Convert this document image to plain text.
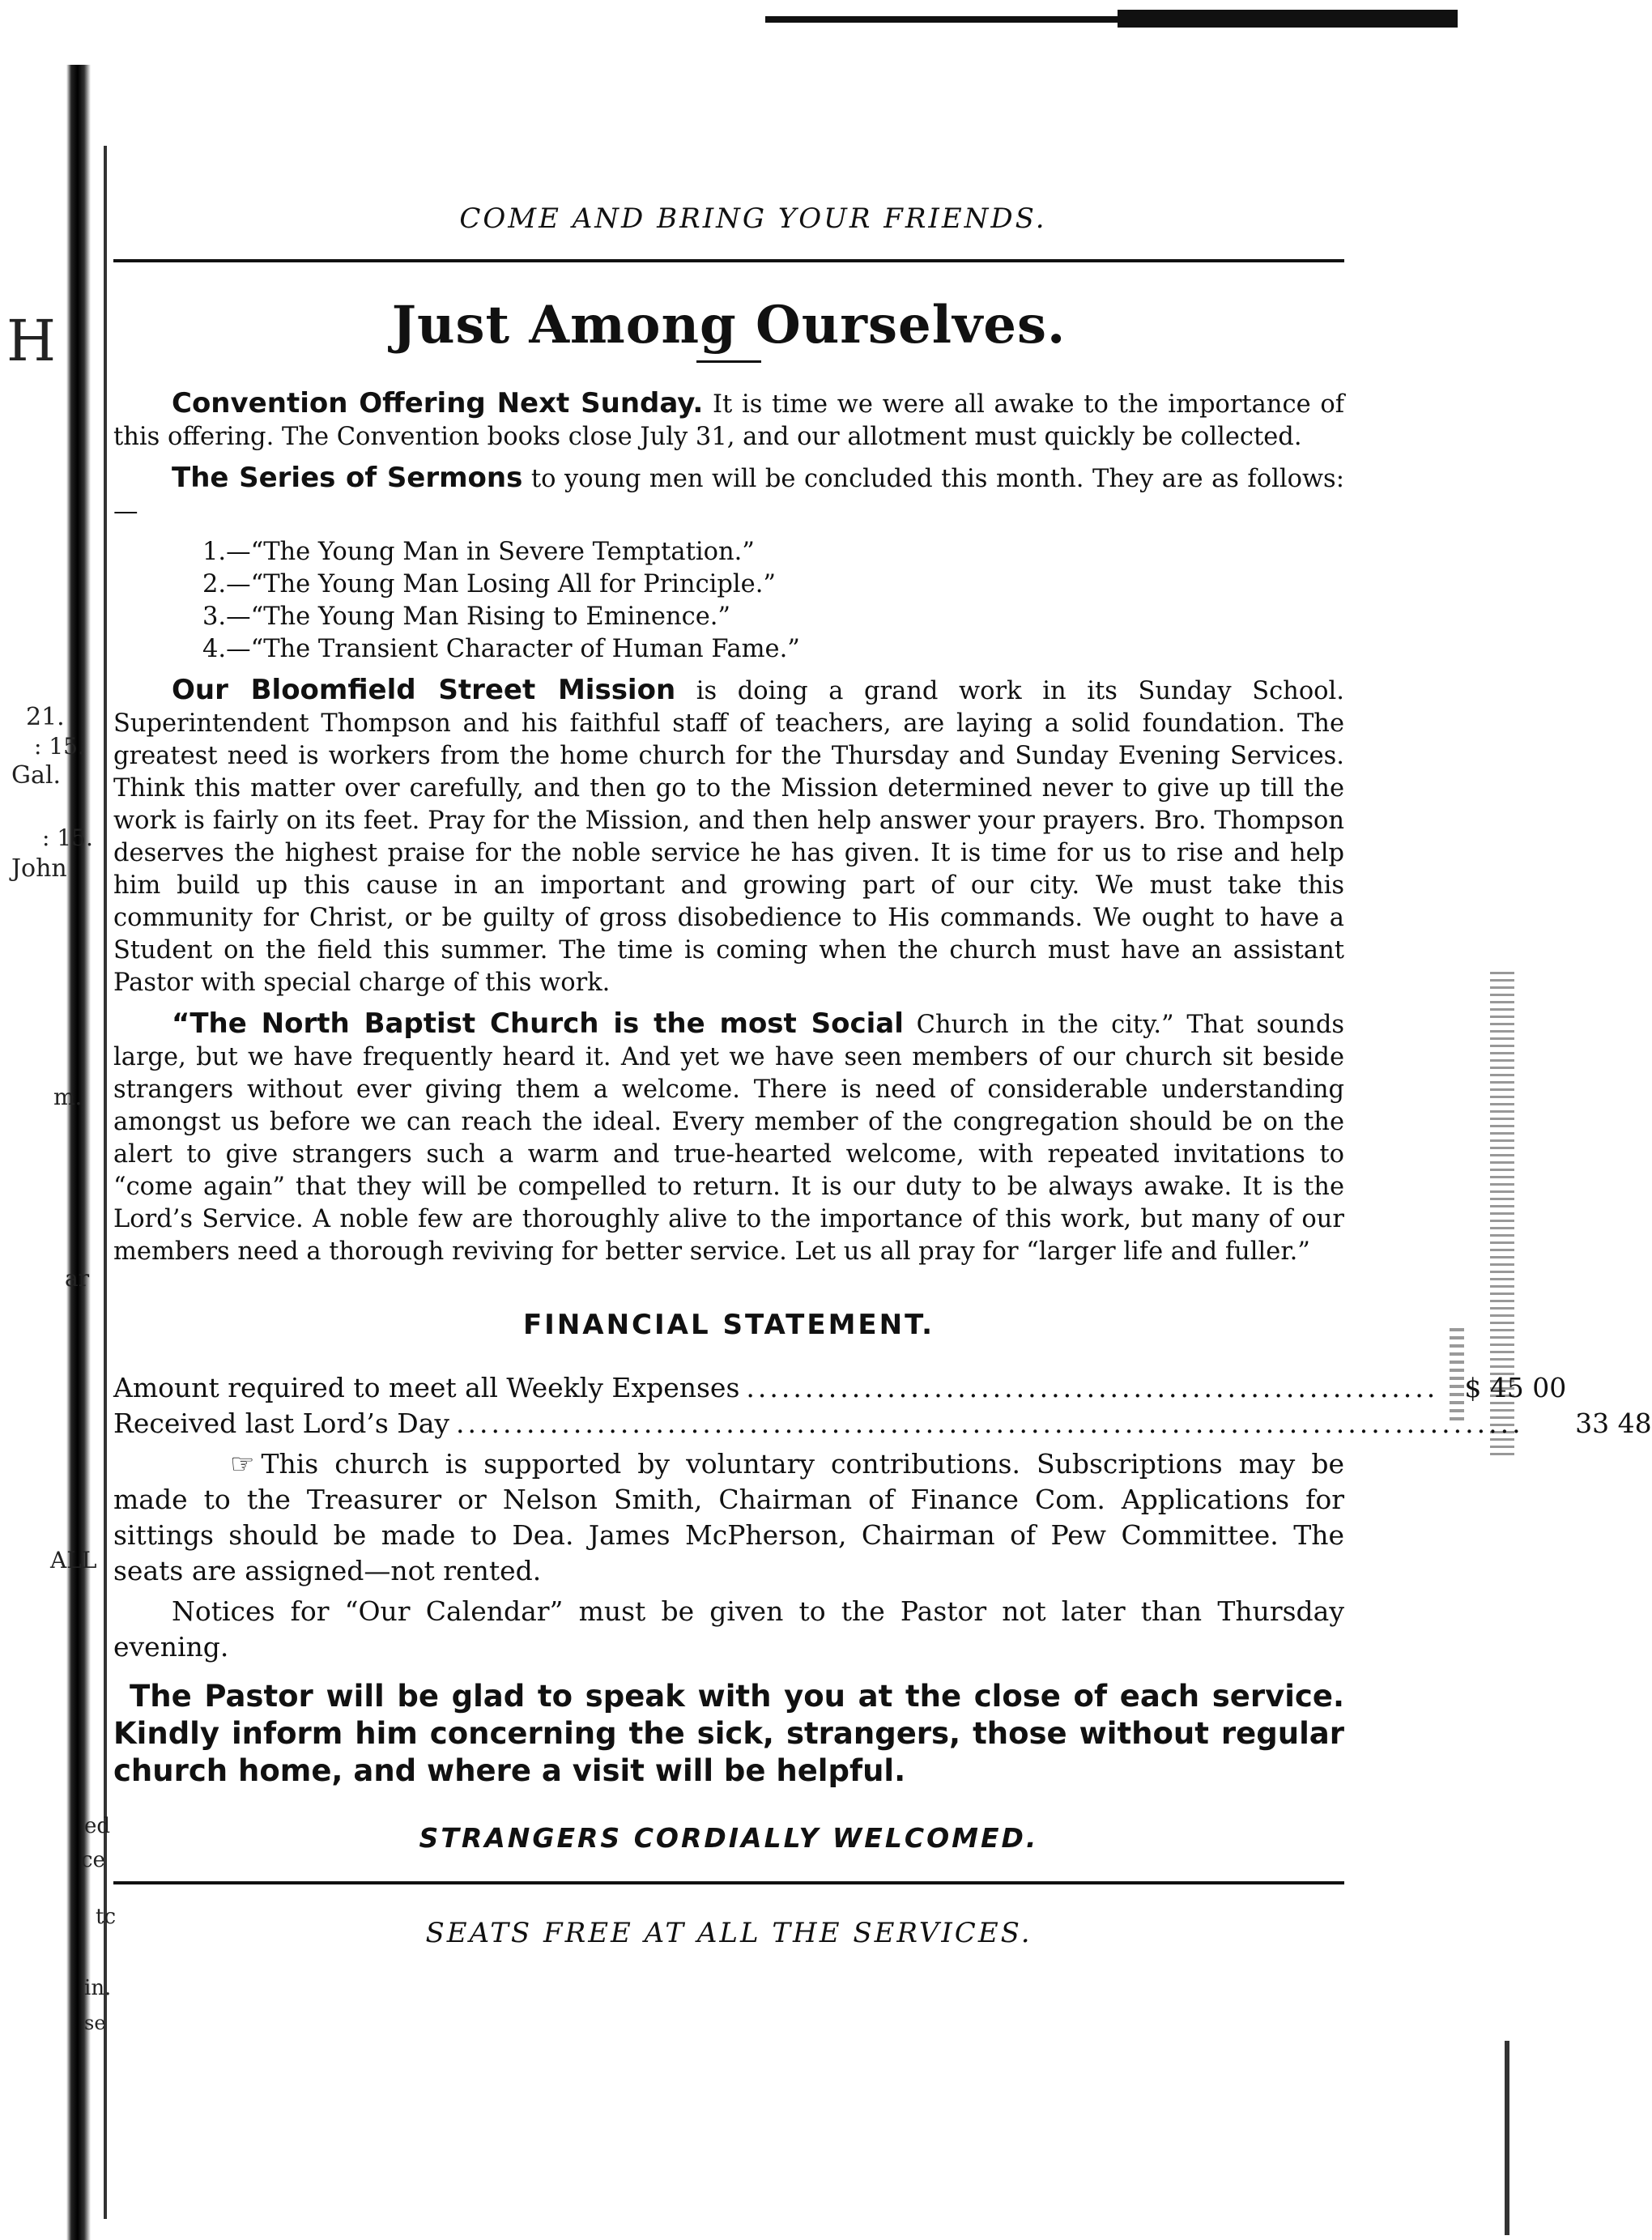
H
21.
: 15.
Gal.
: 15.
John
m.
ar
ALL
ed
ce
tc
in.
se

COME AND BRING YOUR FRIENDS.

Just Among Ourselves.

Convention Offering Next Sunday. It is time we were all awake to the importance of this offering. The Convention books close July 31, and our allotment must quickly be collected.

The Series of Sermons to young men will be concluded this month. They are as follows:—

1.—“The Young Man in Severe Temptation.”
2.—“The Young Man Losing All for Principle.”
3.—“The Young Man Rising to Eminence.”
4.—“The Transient Character of Human Fame.”

Our Bloomfield Street Mission is doing a grand work in its Sunday School. Superintendent Thompson and his faithful staff of teachers, are laying a solid foundation. The greatest need is workers from the home church for the Thursday and Sunday Evening Services. Think this matter over carefully, and then go to the Mission determined never to give up till the work is fairly on its feet. Pray for the Mission, and then help answer your prayers. Bro. Thompson deserves the highest praise for the noble service he has given. It is time for us to rise and help him build up this cause in an important and growing part of our city. We must take this community for Christ, or be guilty of gross disobedience to His commands. We ought to have a Student on the field this summer. The time is coming when the church must have an assistant Pastor with special charge of this work.

“The North Baptist Church is the most Social Church in the city.” That sounds large, but we have frequently heard it. And yet we have seen members of our church sit beside strangers without ever giving them a welcome. There is need of considerable understanding amongst us before we can reach the ideal. Every member of the congregation should be on the alert to give strangers such a warm and true-hearted welcome, with repeated invitations to “come again” that they will be compelled to return. It is our duty to be always awake. It is the Lord’s Service. A noble few are thoroughly alive to the importance of this work, but many of our members need a thorough reviving for better service. Let us all pray for “larger life and fuller.”

FINANCIAL STATEMENT.
Amount required to meet all Weekly Expenses ........................................................... $ 45 00
Received last Lord’s Day ...........................................................................................	33 48

☞ This church is supported by voluntary contributions. Subscriptions may be made to the Treasurer or Nelson Smith, Chairman of Finance Com. Applications for sittings should be made to Dea. James McPherson, Chairman of Pew Committee. The seats are assigned—not rented.

Notices for “Our Calendar” must be given to the Pastor not later than Thursday evening.

The Pastor will be glad to speak with you at the close of each service. Kindly inform him concerning the sick, strangers, those without regular church home, and where a visit will be helpful.

STRANGERS CORDIALLY WELCOMED.

SEATS FREE AT ALL THE SERVICES.
